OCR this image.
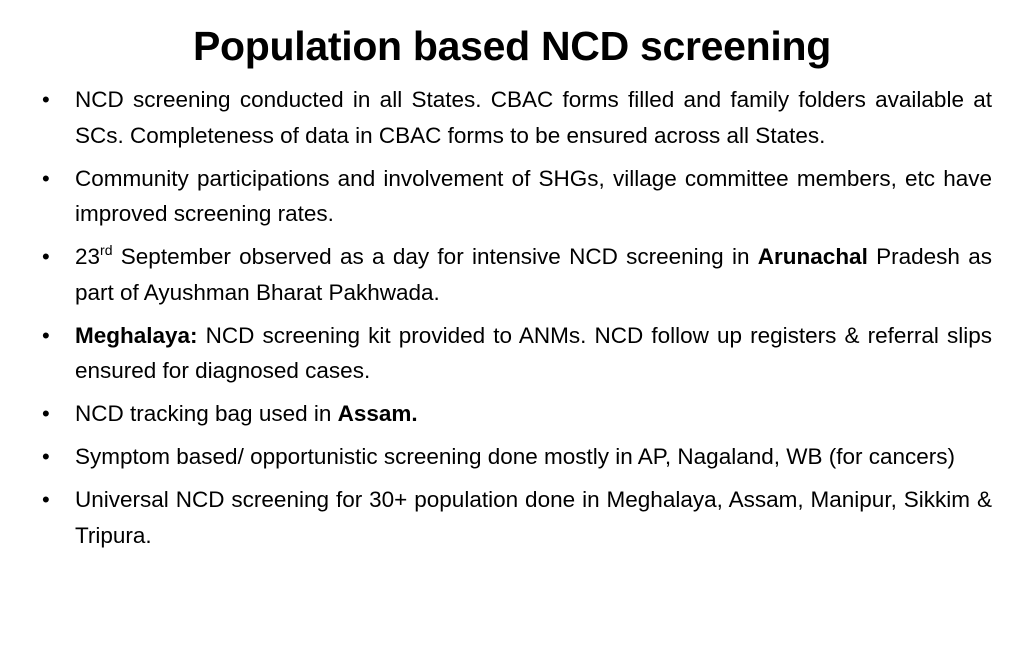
Population based NCD screening
• NCD screening conducted in all States. CBAC forms filled and family folders available at SCs. Completeness of data in CBAC forms to be ensured across all States.
• Community participations and involvement of SHGs, village committee members, etc have improved screening rates.
• 23rd September observed as a day for intensive NCD screening in Arunachal Pradesh as part of Ayushman Bharat Pakhwada.
• Meghalaya: NCD screening kit provided to ANMs. NCD follow up registers & referral slips ensured for diagnosed cases.
• NCD tracking bag used in Assam.
• Symptom based/ opportunistic screening done mostly in AP, Nagaland, WB (for cancers)
• Universal NCD screening for 30+ population done in Meghalaya, Assam, Manipur, Sikkim & Tripura.
